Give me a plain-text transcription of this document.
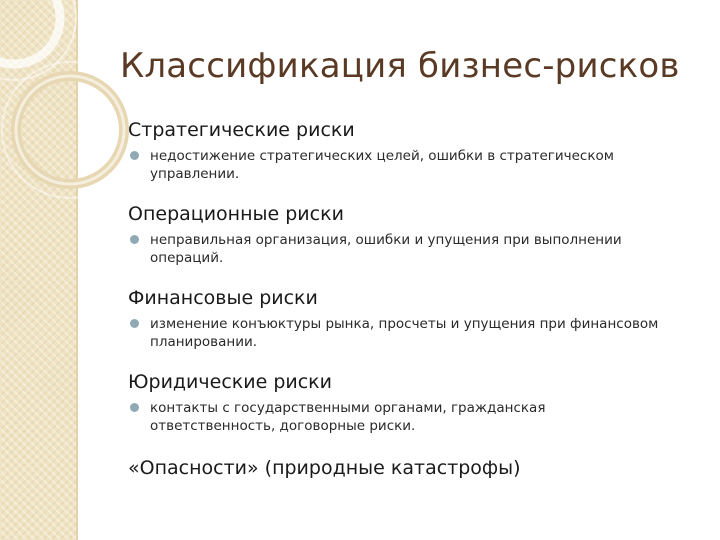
Классификация бизнес-рисков
Стратегические риски
недостижение стратегических целей, ошибки в стратегическом
управлении.
Операционные риски
неправильная организация, ошибки и упущения при выполнении
операций.
Финансовые риски
изменение конъюктуры рынка, просчеты и упущения при финансовом
планировании.
Юридические риски
контакты с государственными органами, гражданская
ответственность, договорные риски.
«Опасности» (природные катастрофы)
